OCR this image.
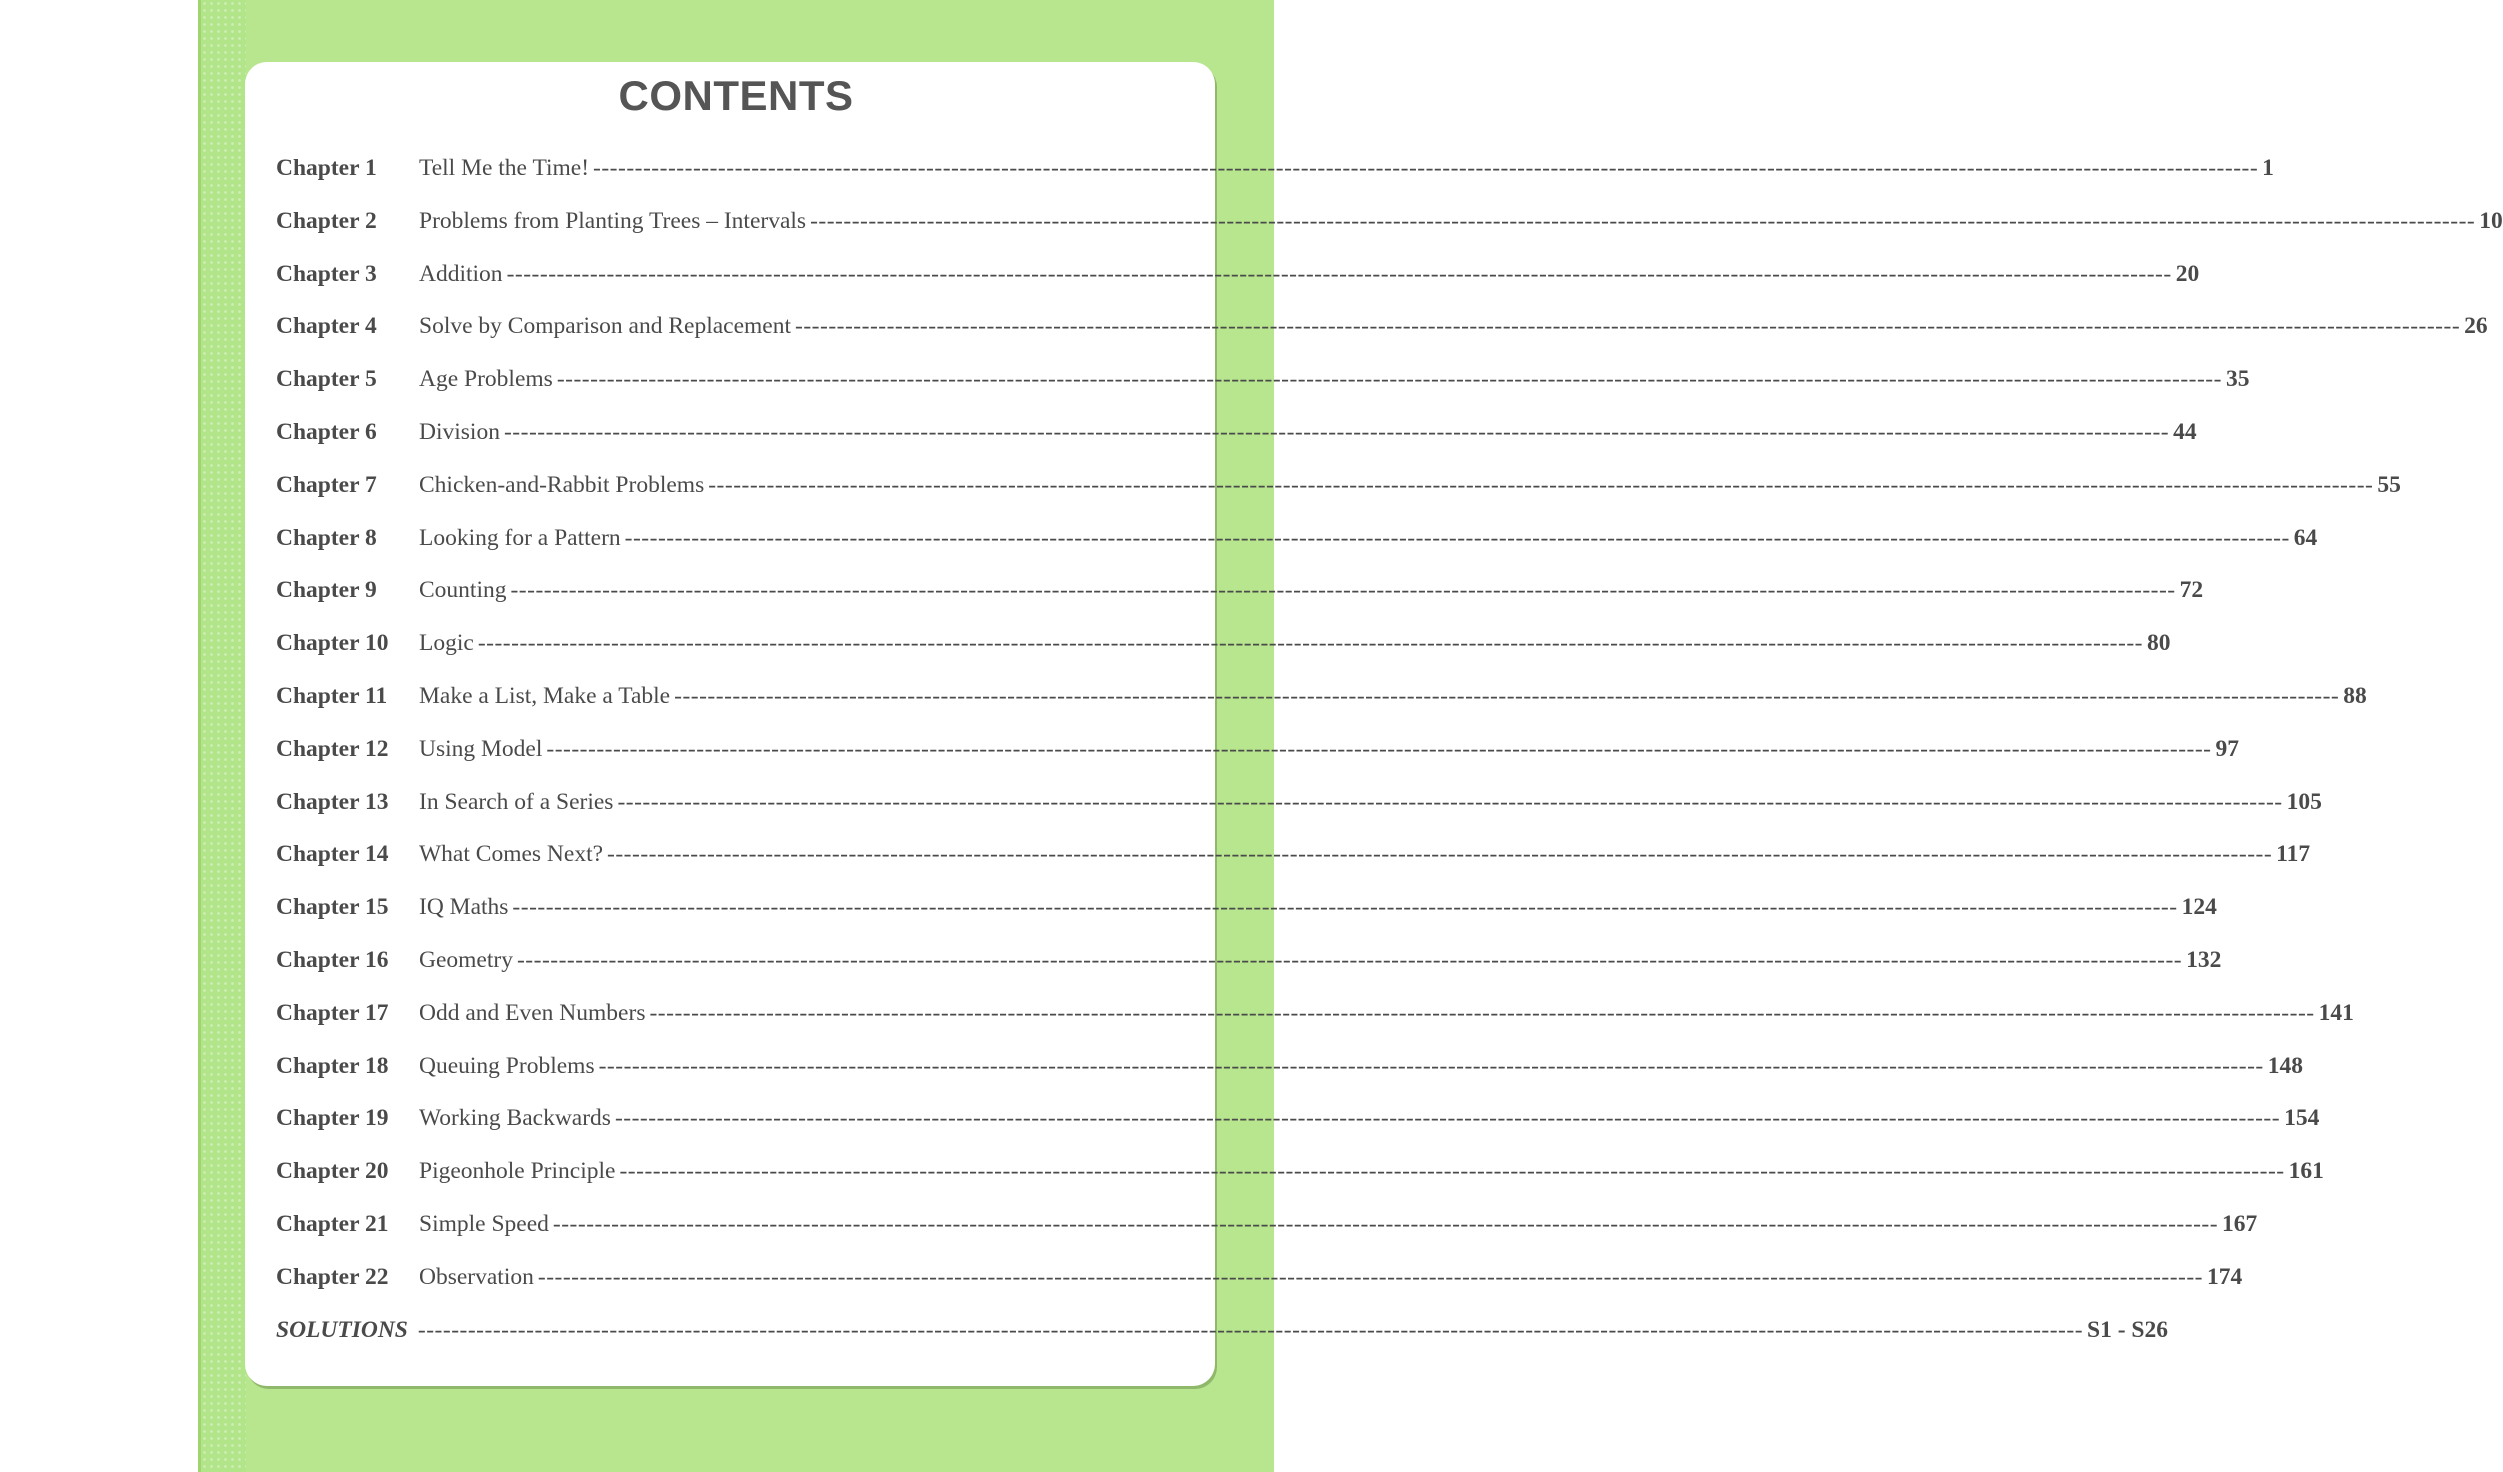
CONTENTS
Chapter 1	Tell Me the Time! -------------------------------------------------------------------------------------------------------------------------------------------------------------------------------------------------------- 1
Chapter 2	Problems from Planting Trees – Intervals -------------------------------------------------------------------------------------------------------------------------------------------------------------------------------------------------------- 10
Chapter 3	Addition -------------------------------------------------------------------------------------------------------------------------------------------------------------------------------------------------------- 20
Chapter 4	Solve by Comparison and Replacement -------------------------------------------------------------------------------------------------------------------------------------------------------------------------------------------------------- 26
Chapter 5	Age Problems -------------------------------------------------------------------------------------------------------------------------------------------------------------------------------------------------------- 35
Chapter 6	Division -------------------------------------------------------------------------------------------------------------------------------------------------------------------------------------------------------- 44
Chapter 7	Chicken-and-Rabbit Problems -------------------------------------------------------------------------------------------------------------------------------------------------------------------------------------------------------- 55
Chapter 8	Looking for a Pattern -------------------------------------------------------------------------------------------------------------------------------------------------------------------------------------------------------- 64
Chapter 9	Counting -------------------------------------------------------------------------------------------------------------------------------------------------------------------------------------------------------- 72
Chapter 10	Logic -------------------------------------------------------------------------------------------------------------------------------------------------------------------------------------------------------- 80
Chapter 11	Make a List, Make a Table -------------------------------------------------------------------------------------------------------------------------------------------------------------------------------------------------------- 88
Chapter 12	Using Model -------------------------------------------------------------------------------------------------------------------------------------------------------------------------------------------------------- 97
Chapter 13	In Search of a Series -------------------------------------------------------------------------------------------------------------------------------------------------------------------------------------------------------- 105
Chapter 14	What Comes Next? -------------------------------------------------------------------------------------------------------------------------------------------------------------------------------------------------------- 117
Chapter 15	IQ Maths -------------------------------------------------------------------------------------------------------------------------------------------------------------------------------------------------------- 124
Chapter 16	Geometry -------------------------------------------------------------------------------------------------------------------------------------------------------------------------------------------------------- 132
Chapter 17	Odd and Even Numbers -------------------------------------------------------------------------------------------------------------------------------------------------------------------------------------------------------- 141
Chapter 18	Queuing Problems -------------------------------------------------------------------------------------------------------------------------------------------------------------------------------------------------------- 148
Chapter 19	Working Backwards -------------------------------------------------------------------------------------------------------------------------------------------------------------------------------------------------------- 154
Chapter 20	Pigeonhole Principle -------------------------------------------------------------------------------------------------------------------------------------------------------------------------------------------------------- 161
Chapter 21	Simple Speed -------------------------------------------------------------------------------------------------------------------------------------------------------------------------------------------------------- 167
Chapter 22	Observation -------------------------------------------------------------------------------------------------------------------------------------------------------------------------------------------------------- 174
SOLUTIONS -------------------------------------------------------------------------------------------------------------------------------------------------------------------------------------------------------- S1 - S26
